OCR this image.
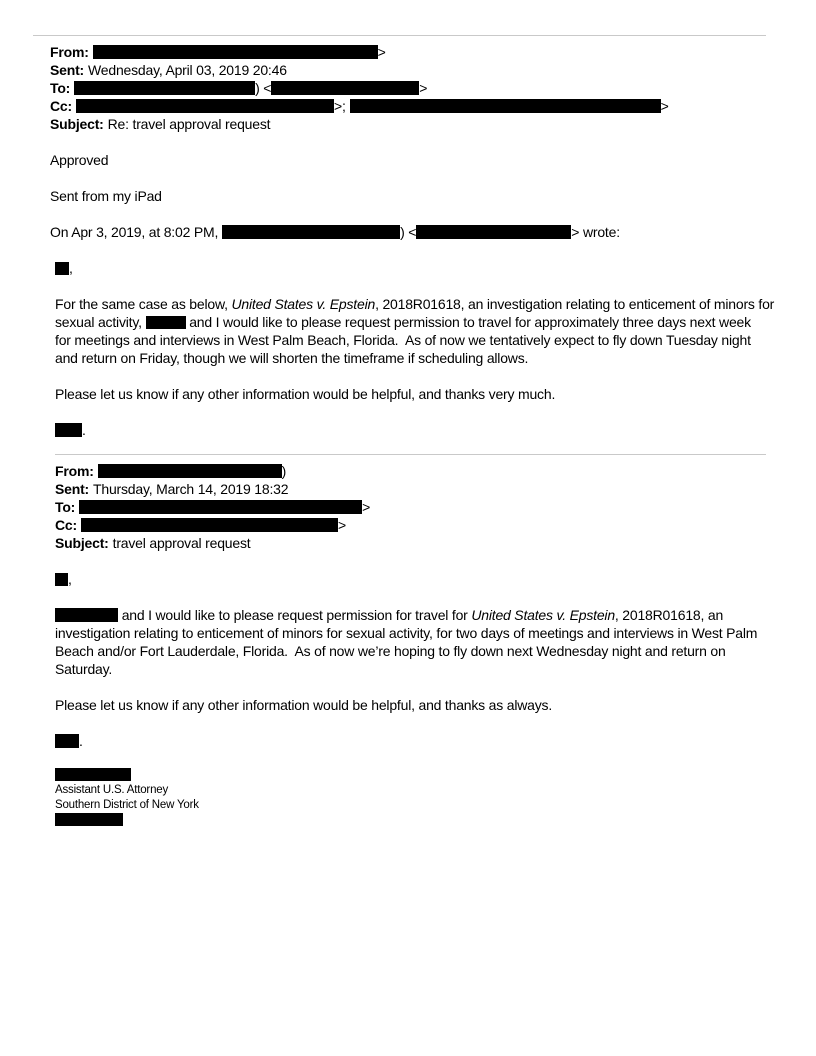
From:	>
Sent: Wednesday, April 03, 2019 20:46
To:	) <	>
Cc:	>;	>
Subject: Re: travel approval request
Approved
Sent from my iPad
On Apr 3, 2019, at 8:02 PM,	) <	> wrote:
,
For the same case as below, United States v. Epstein, 2018R01618, an investigation relating to enticement of minors for
sexual activity,	and I would like to please request permission to travel for approximately three days next week
for meetings and interviews in West Palm Beach, Florida.  As of now we tentatively expect to fly down Tuesday night
and return on Friday, though we will shorten the timeframe if scheduling allows.
Please let us know if any other information would be helpful, and thanks very much.
.
From:	)
Sent: Thursday, March 14, 2019 18:32
To:	>
Cc:	>
Subject: travel approval request
,
and I would like to please request permission for travel for United States v. Epstein, 2018R01618, an
investigation relating to enticement of minors for sexual activity, for two days of meetings and interviews in West Palm
Beach and/or Fort Lauderdale, Florida.  As of now we’re hoping to fly down next Wednesday night and return on
Saturday.
Please let us know if any other information would be helpful, and thanks as always.
.
Assistant U.S. Attorney
Southern District of New York
